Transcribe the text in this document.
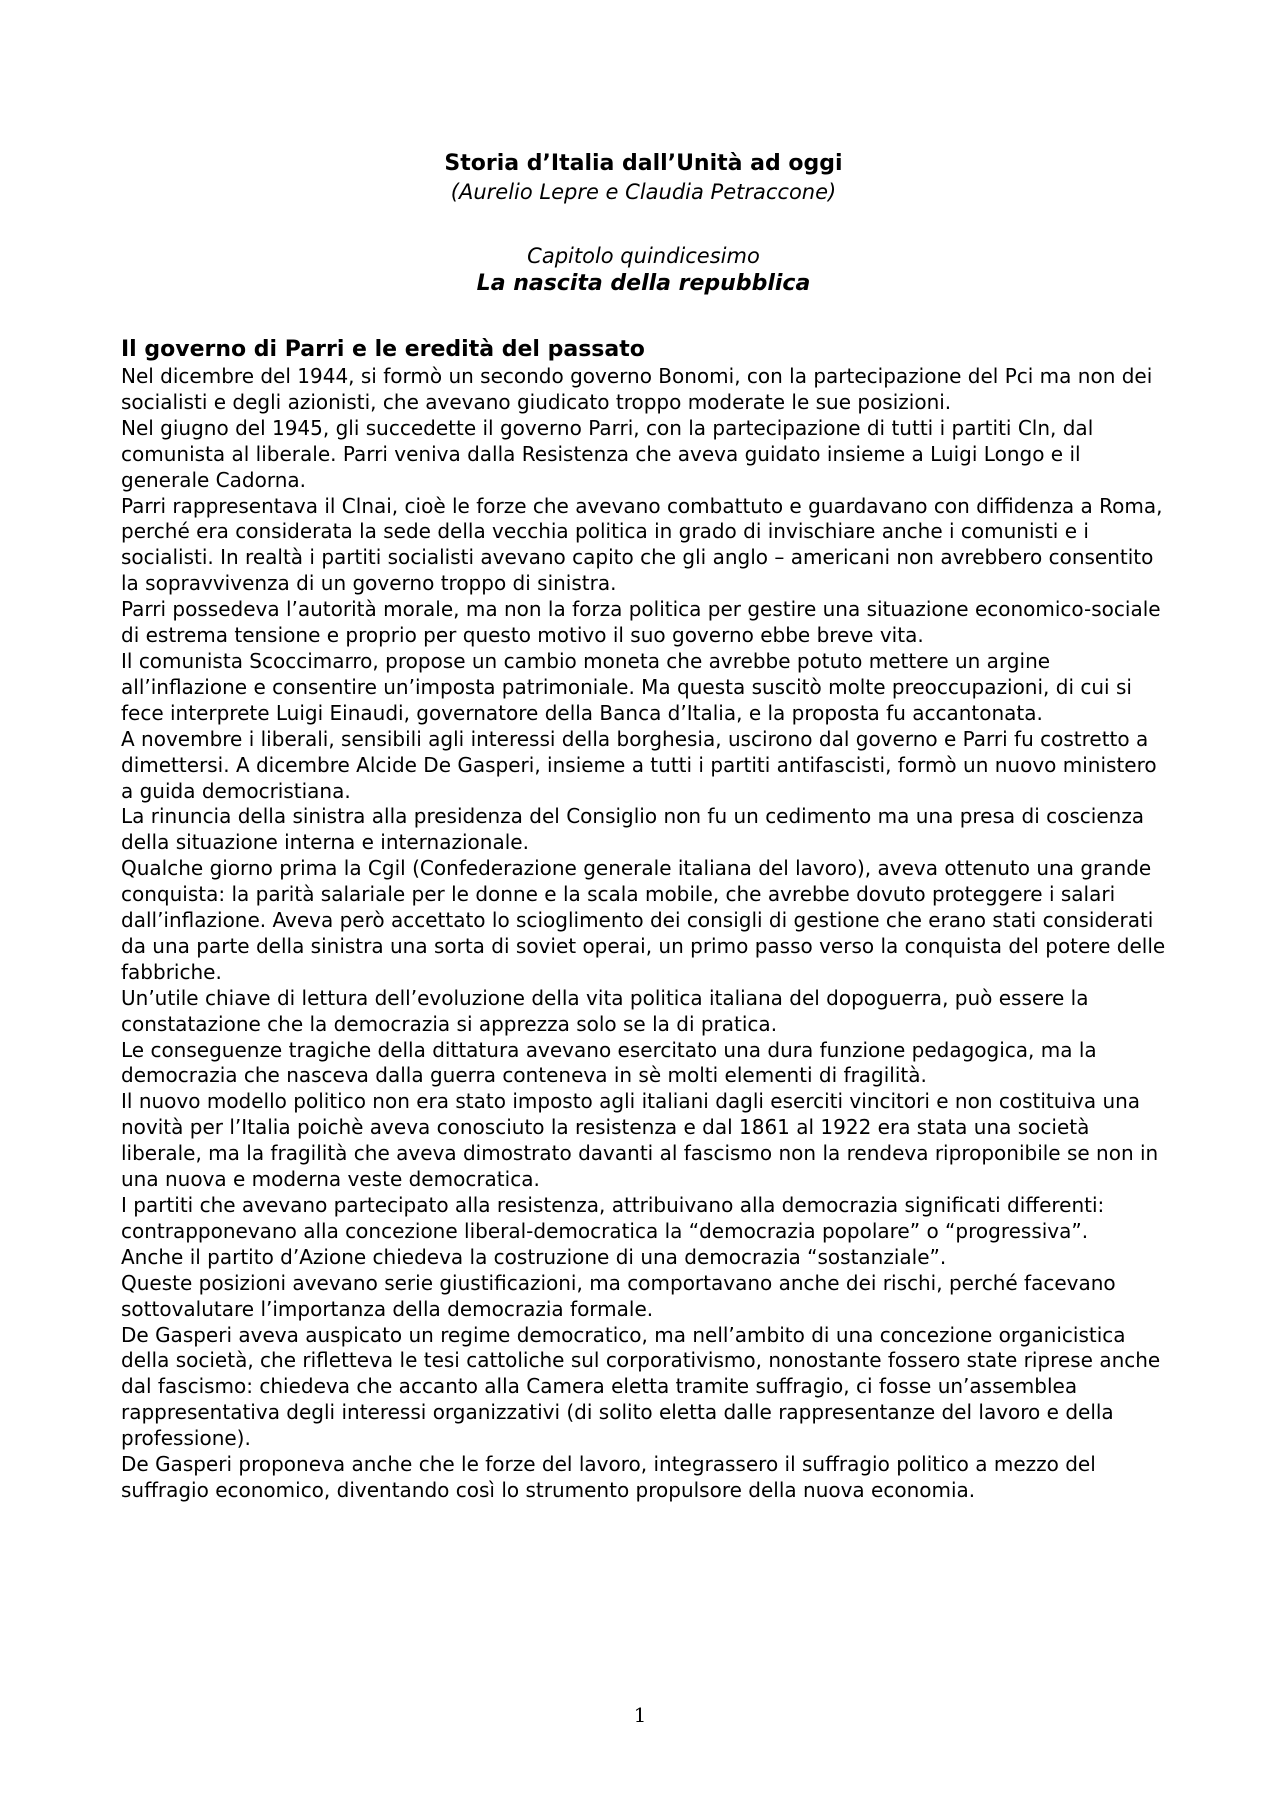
Storia d’Italia dall’Unità ad oggi

(Aurelio Lepre e Claudia Petraccone)

Capitolo quindicesimo

La nascita della repubblica

Il governo di Parri e le eredità del passato

Nel dicembre del 1944, si formò un secondo governo Bonomi, con la partecipazione del Pci ma non dei socialisti e degli azionisti, che avevano giudicato troppo moderate le sue posizioni.

Nel giugno del 1945, gli succedette il governo Parri, con la partecipazione di tutti i partiti Cln, dal comunista al liberale. Parri veniva dalla Resistenza che aveva guidato insieme a Luigi Longo e il generale Cadorna.

Parri rappresentava il Clnai, cioè le forze che avevano combattuto e guardavano con diffidenza a Roma, perché era considerata la sede della vecchia politica in grado di invischiare anche i comunisti e i socialisti. In realtà i partiti socialisti avevano capito che gli anglo – americani non avrebbero consentito la sopravvivenza di un governo troppo di sinistra.

Parri possedeva l’autorità morale, ma non la forza politica per gestire una situazione economico-sociale di estrema tensione e proprio per questo motivo il suo governo ebbe breve vita.

Il comunista Scoccimarro, propose un cambio moneta che avrebbe potuto mettere un argine all’inflazione e consentire un’imposta patrimoniale. Ma questa suscitò molte preoccupazioni, di cui si fece interprete Luigi Einaudi, governatore della Banca d’Italia, e la proposta fu accantonata.

A novembre i liberali, sensibili agli interessi della borghesia, uscirono dal governo e Parri fu costretto a dimettersi. A dicembre Alcide De Gasperi, insieme a tutti i partiti antifascisti, formò un nuovo ministero a guida democristiana.

La rinuncia della sinistra alla presidenza del Consiglio non fu un cedimento ma una presa di coscienza della situazione interna e internazionale.

Qualche giorno prima la Cgil (Confederazione generale italiana del lavoro), aveva ottenuto una grande conquista: la parità salariale per le donne e la scala mobile, che avrebbe dovuto proteggere i salari dall’inflazione. Aveva però accettato lo scioglimento dei consigli di gestione che erano stati considerati da una parte della sinistra una sorta di soviet operai, un primo passo verso la conquista del potere delle fabbriche.

Un’utile chiave di lettura dell’evoluzione della vita politica italiana del dopoguerra, può essere la constatazione che la democrazia si apprezza solo se la di pratica.

Le conseguenze tragiche della dittatura avevano esercitato una dura funzione pedagogica, ma la democrazia che nasceva dalla guerra conteneva in sè molti elementi di fragilità.

Il nuovo modello politico non era stato imposto agli italiani dagli eserciti vincitori e non costituiva una novità per l’Italia poichè aveva conosciuto la resistenza e dal 1861 al 1922 era stata una società liberale, ma la fragilità che aveva dimostrato davanti al fascismo non la rendeva riproponibile se non in una nuova e moderna veste democratica.

I partiti che avevano partecipato alla resistenza, attribuivano alla democrazia significati differenti: contrapponevano alla concezione liberal-democratica la “democrazia popolare” o “progressiva”.

Anche il partito d’Azione chiedeva la costruzione di una democrazia “sostanziale”.

Queste posizioni avevano serie giustificazioni, ma comportavano anche dei rischi, perché facevano sottovalutare l’importanza della democrazia formale.

De Gasperi aveva auspicato un regime democratico, ma nell’ambito di una concezione organicistica della società, che rifletteva le tesi cattoliche sul corporativismo, nonostante fossero state riprese anche dal fascismo: chiedeva che accanto alla Camera eletta tramite suffragio, ci fosse un’assemblea rappresentativa degli interessi organizzativi (di solito eletta dalle rappresentanze del lavoro e della professione).

De Gasperi proponeva anche che le forze del lavoro, integrassero il suffragio politico a mezzo del suffragio economico, diventando così lo strumento propulsore della nuova economia.

1
